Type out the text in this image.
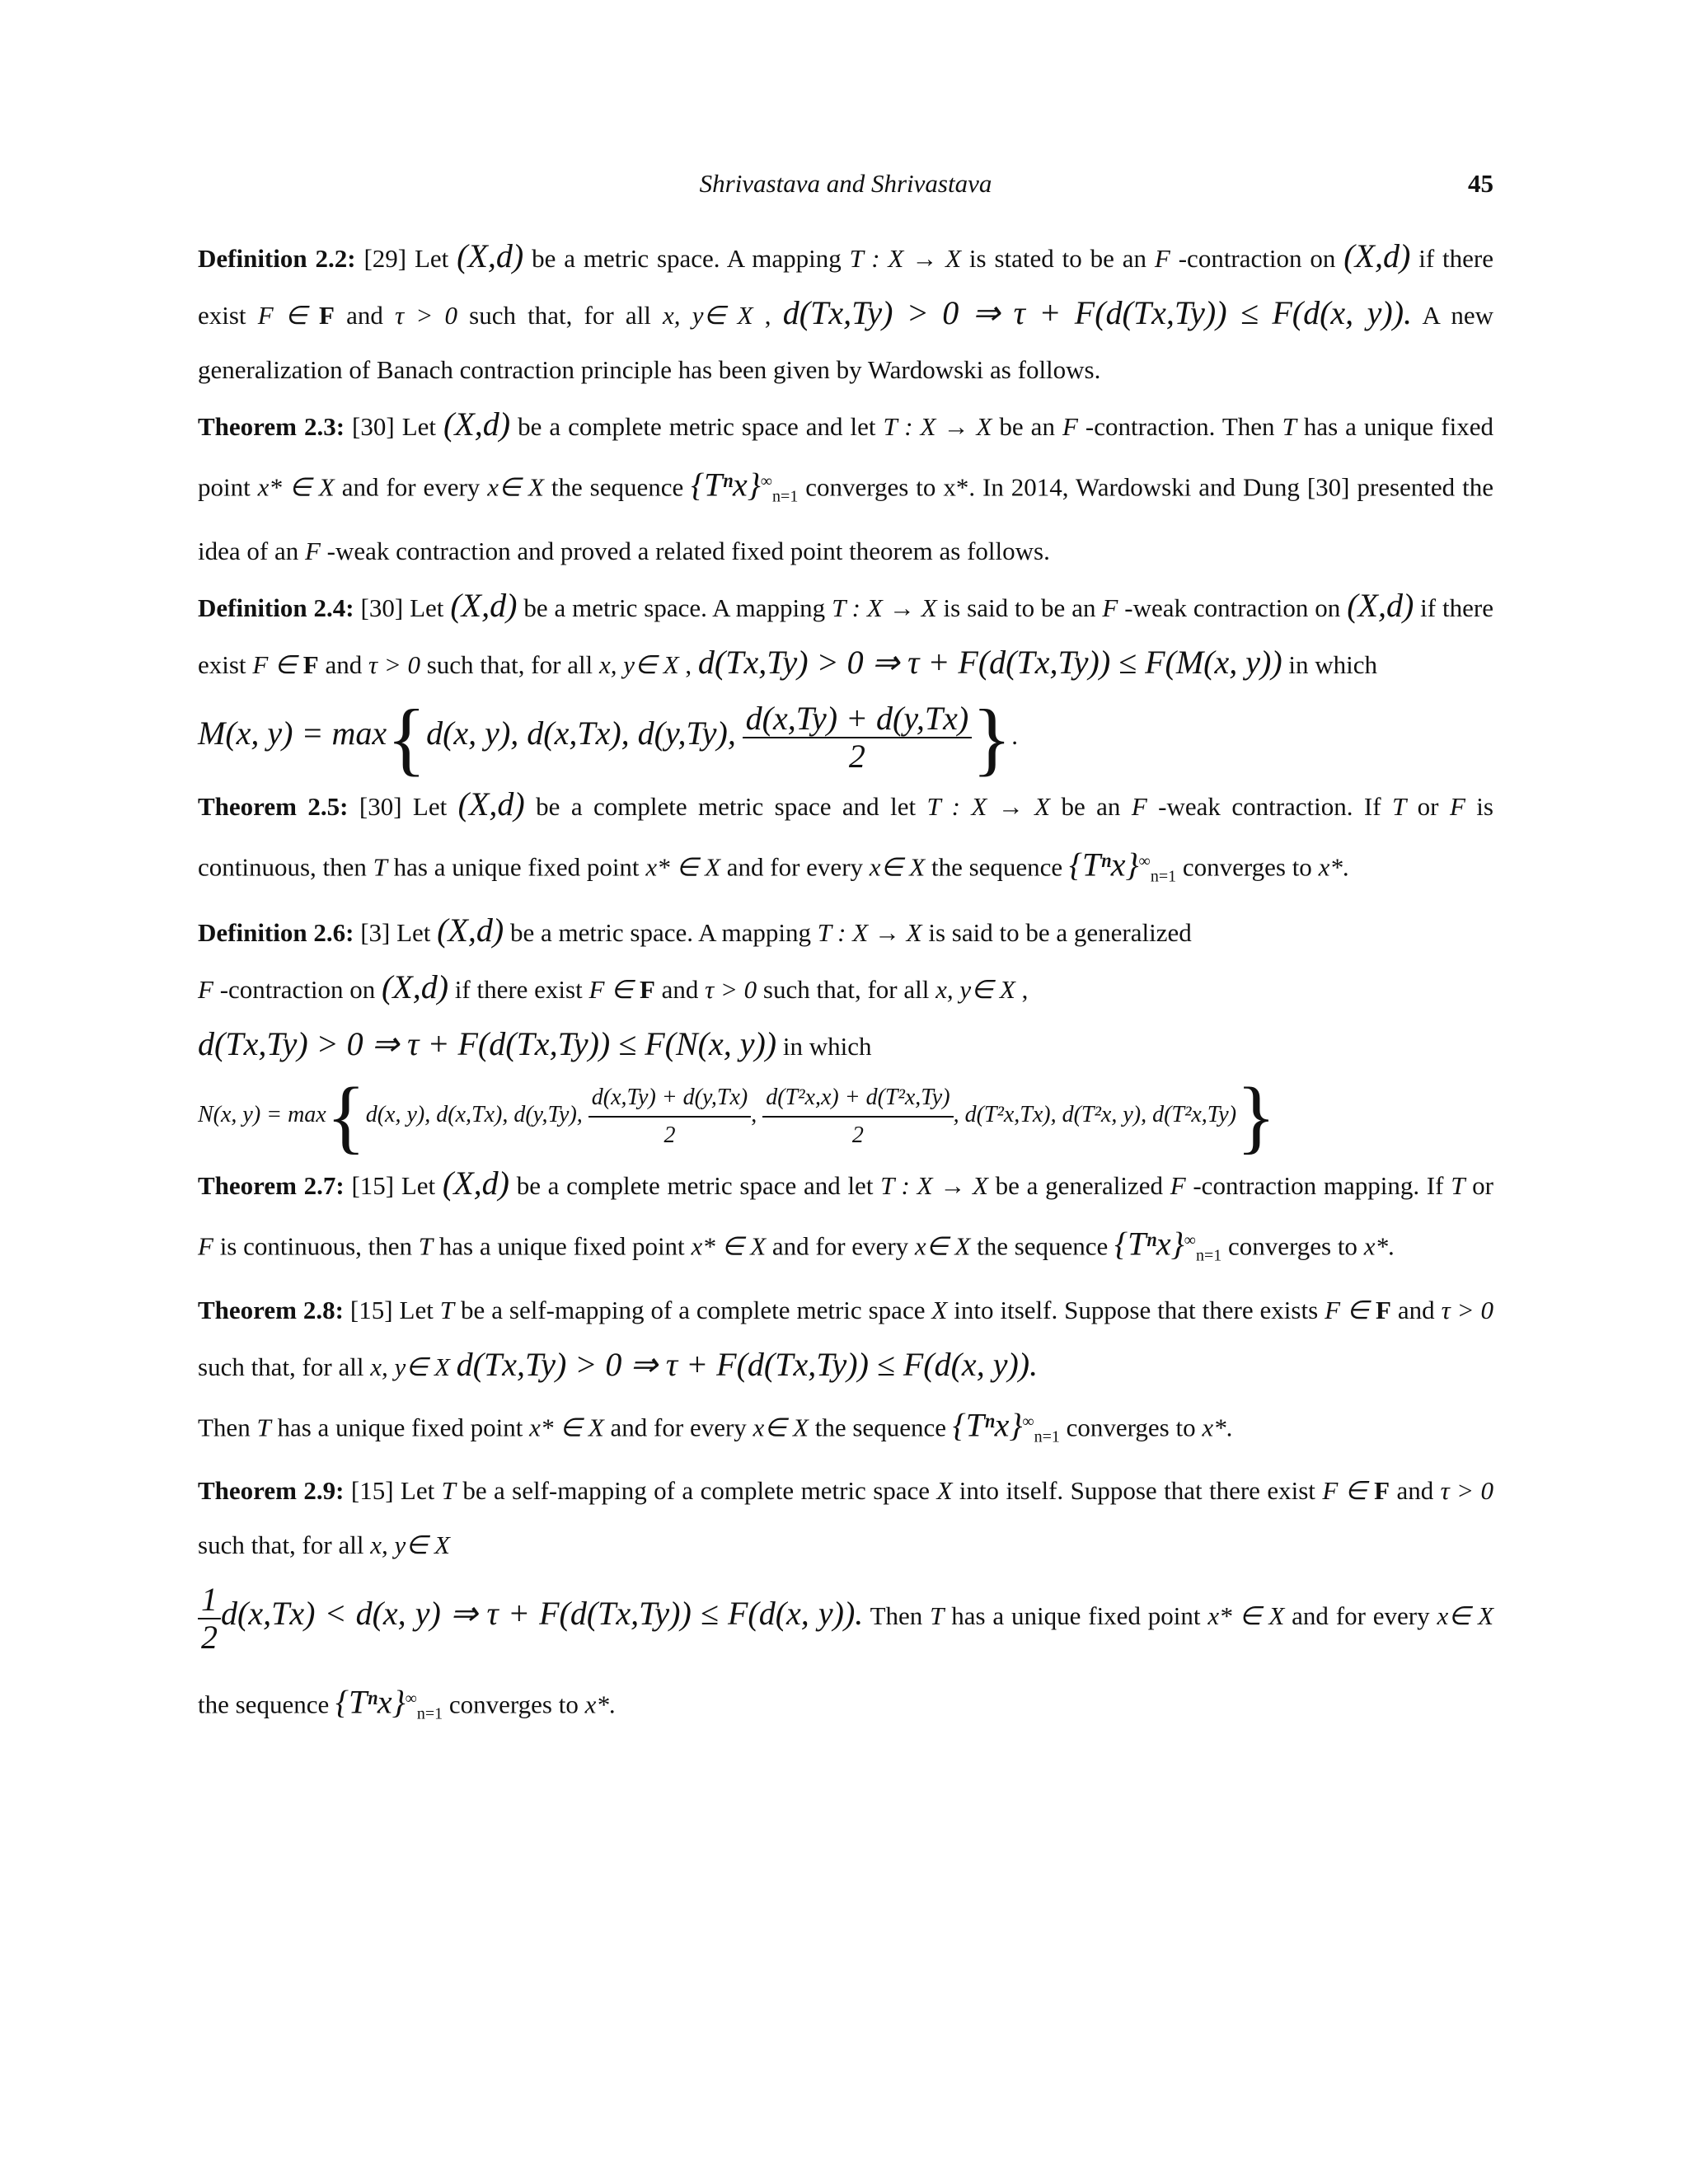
Shrivastava and Shrivastava	45

Definition 2.2: [29] Let (X,d) be a metric space. A mapping T : X → X is stated to be an F -contraction on (X,d) if there exist F ∈ F and τ > 0 such that, for all x, y∈ X , d(Tx,Ty) > 0 ⇒ τ + F(d(Tx,Ty)) ≤ F(d(x, y)). A new generalization of Banach contraction principle has been given by Wardowski as follows.

Theorem 2.3: [30] Let (X,d) be a complete metric space and let T : X → X be an F -contraction. Then T has a unique fixed point x* ∈ X and for every x∈ X the sequence $\{T^nx\}^\infty_{n=1}$ converges to x*. In 2014, Wardowski and Dung [30] presented the idea of an F -weak contraction and proved a related fixed point theorem as follows.

Definition 2.4: [30] Let (X,d) be a metric space. A mapping T : X → X is said to be an F -weak contraction on (X,d) if there exist F ∈ F and τ > 0 such that, for all x, y∈ X , d(Tx,Ty) > 0 ⇒ τ + F(d(Tx,Ty)) ≤ F(M(x, y)) in which

M(x, y) = max{d(x, y), d(x,Tx), d(y,Ty), $\frac{d(x,Ty) + d(y,Tx)}{2}$ }.

Theorem 2.5: [30] Let (X,d) be a complete metric space and let T : X → X be an F -weak contraction. If T or F is continuous, then T has a unique fixed point x* ∈ X and for every x∈ X the sequence $\{T^nx\}^\infty_{n=1}$ converges to x*.

Definition 2.6: [3] Let (X,d) be a metric space. A mapping T : X → X is said to be a generalized
F -contraction on (X,d) if there exist F ∈ F and τ > 0 such that, for all x, y∈ X ,
d(Tx,Ty) > 0 ⇒ τ + F(d(Tx,Ty)) ≤ F(N(x, y)) in which

N(x, y) = max{d(x, y), d(x,Tx), d(y,Ty), $\frac{d(x,Ty) + d(y,Tx)}{2}$ , $\frac{\text{d(T²x,x) + d(T²x,Ty)}}{2}$ , d(T²x,Tx), d(T²x, y), d(T²x,Ty)}

Theorem 2.7: [15] Let (X,d) be a complete metric space and let T : X → X be a generalized F -contraction mapping. If T or F is continuous, then T has a unique fixed point x* ∈ X and for every x∈ X the sequence $\{T^nx\}^\infty_{n=1}$ converges to x*.

Theorem 2.8: [15] Let T be a self-mapping of a complete metric space X into itself. Suppose that there exists F ∈ F and τ > 0 such that, for all x, y∈ X d(Tx,Ty) > 0 ⇒ τ + F(d(Tx,Ty)) ≤ F(d(x, y)).

Then T has a unique fixed point x* ∈ X and for every x∈ X the sequence $\{T^nx\}^\infty_{n=1}$ converges to x*.

Theorem 2.9: [15] Let T be a self-mapping of a complete metric space X into itself. Suppose that there exist F ∈ F and τ > 0 such that, for all x, y∈ X

$\frac{1}{2} d(x,Tx) < d(x$, y) ⇒ τ + F(d(Tx,Ty)) ≤ F(d(x, y)). Then T has a unique fixed point x* ∈ X and for every x∈ X the sequence $\{T^nx\}^\infty_{n=1}$ converges to x*.
